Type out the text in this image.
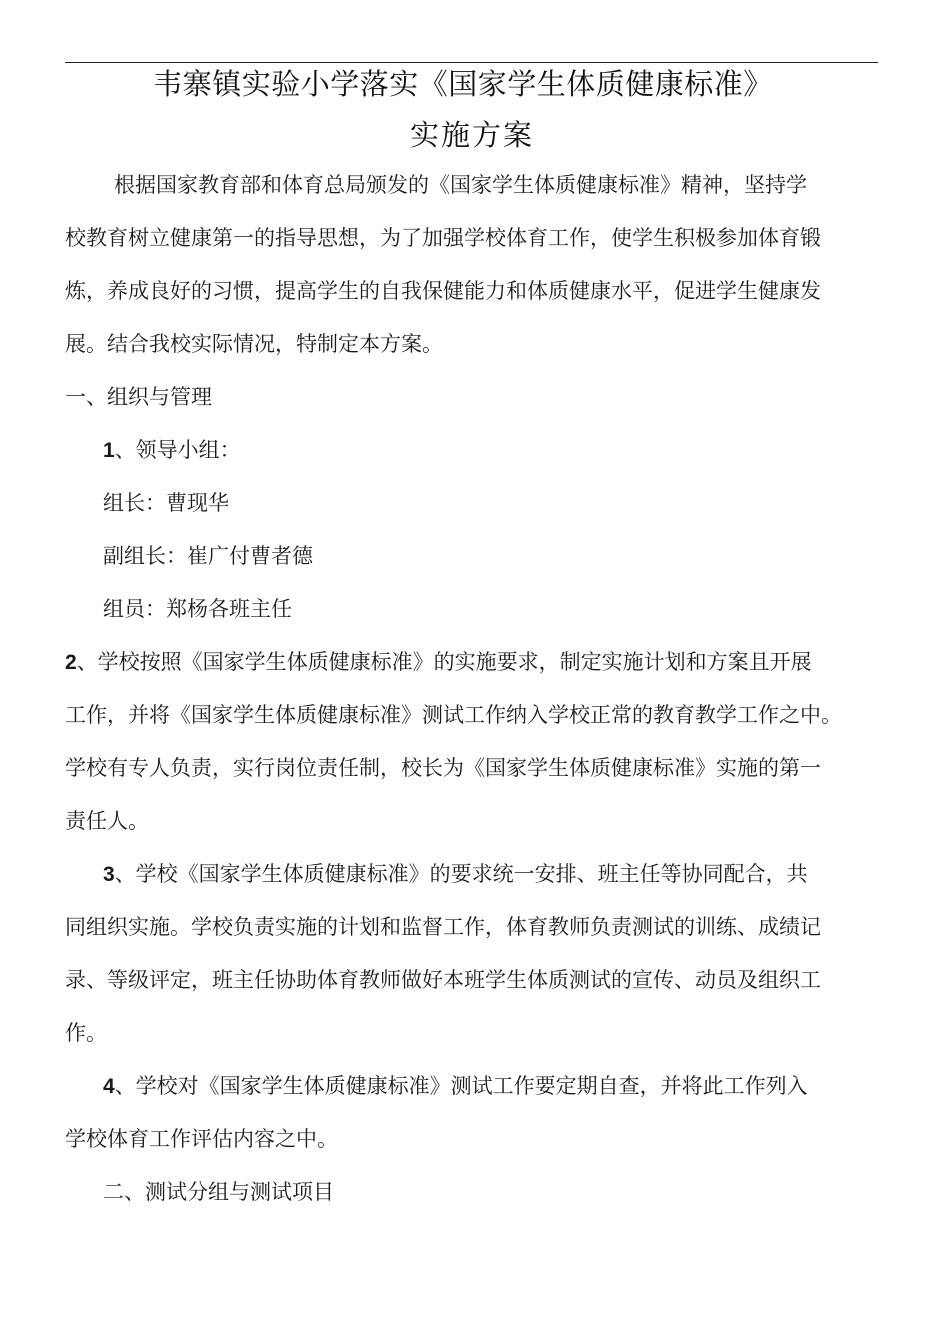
韦寨镇实验小学落实《国家学生体质健康标准》
实施方案
根据国家教育部和体育总局颁发的《国家学生体质健康标准》精神，坚持学
校教育树立健康第一的指导思想，为了加强学校体育工作，使学生积极参加体育锻
炼，养成良好的习惯，提高学生的自我保健能力和体质健康水平，促进学生健康发
展。结合我校实际情况，特制定本方案。
一、组织与管理
1、领导小组：
组长：曹现华
副组长：崔广付曹者德
组员：郑杨各班主任
2、学校按照《国家学生体质健康标准》的实施要求，制定实施计划和方案且开展
工作，并将《国家学生体质健康标准》测试工作纳入学校正常的教育教学工作之中。
学校有专人负责，实行岗位责任制，校长为《国家学生体质健康标准》实施的第一
责任人。
3、学校《国家学生体质健康标准》的要求统一安排、班主任等协同配合，共
同组织实施。学校负责实施的计划和监督工作，体育教师负责测试的训练、成绩记
录、等级评定，班主任协助体育教师做好本班学生体质测试的宣传、动员及组织工
作。
4、学校对《国家学生体质健康标准》测试工作要定期自查，并将此工作列入
学校体育工作评估内容之中。
二、测试分组与测试项目
